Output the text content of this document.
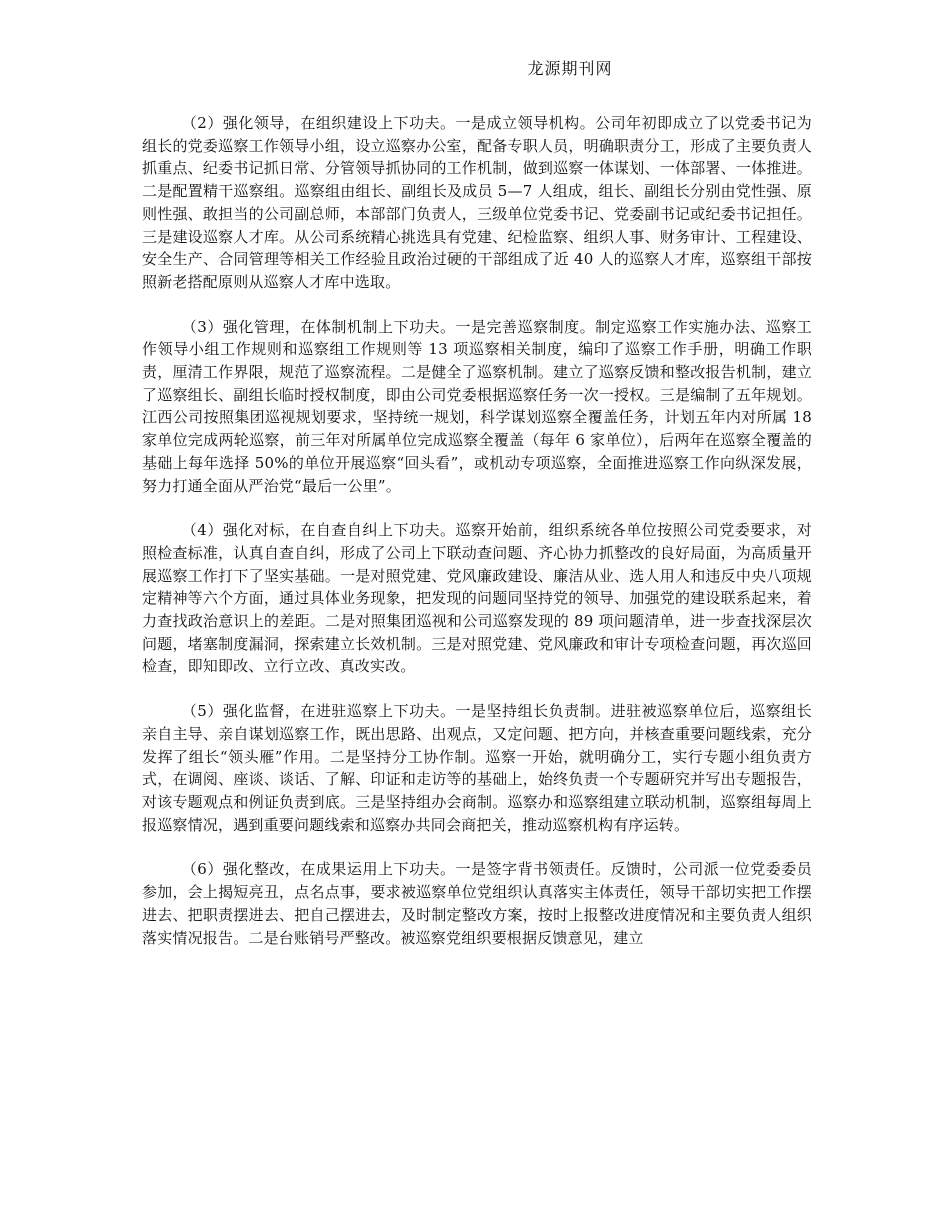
龙源期刊网

（2）强化领导，在组织建设上下功夫。一是成立领导机构。公司年初即成立了以党委书记为组长的党委巡察工作领导小组，设立巡察办公室，配备专职人员，明确职责分工，形成了主要负责人抓重点、纪委书记抓日常、分管领导抓协同的工作机制，做到巡察一体谋划、一体部署、一体推进。二是配置精干巡察组。巡察组由组长、副组长及成员 5—7 人组成，组长、副组长分别由党性强、原则性强、敢担当的公司副总师，本部部门负责人，三级单位党委书记、党委副书记或纪委书记担任。三是建设巡察人才库。从公司系统精心挑选具有党建、纪检监察、组织人事、财务审计、工程建设、安全生产、合同管理等相关工作经验且政治过硬的干部组成了近 40 人的巡察人才库，巡察组干部按照新老搭配原则从巡察人才库中选取。

（3）强化管理，在体制机制上下功夫。一是完善巡察制度。制定巡察工作实施办法、巡察工作领导小组工作规则和巡察组工作规则等 13 项巡察相关制度，编印了巡察工作手册，明确工作职责，厘清工作界限，规范了巡察流程。二是健全了巡察机制。建立了巡察反馈和整改报告机制，建立了巡察组长、副组长临时授权制度，即由公司党委根据巡察任务一次一授权。三是编制了五年规划。江西公司按照集团巡视规划要求，坚持统一规划，科学谋划巡察全覆盖任务，计划五年内对所属 18 家单位完成两轮巡察，前三年对所属单位完成巡察全覆盖（每年 6 家单位），后两年在巡察全覆盖的基础上每年选择 50%的单位开展巡察“回头看”，或机动专项巡察，全面推进巡察工作向纵深发展，努力打通全面从严治党“最后一公里”。

（4）强化对标，在自查自纠上下功夫。巡察开始前，组织系统各单位按照公司党委要求，对照检查标准，认真自查自纠，形成了公司上下联动查问题、齐心协力抓整改的良好局面，为高质量开展巡察工作打下了坚实基础。一是对照党建、党风廉政建设、廉洁从业、选人用人和违反中央八项规定精神等六个方面，通过具体业务现象，把发现的问题同坚持党的领导、加强党的建设联系起来，着力查找政治意识上的差距。二是对照集团巡视和公司巡察发现的 89 项问题清单，进一步查找深层次问题，堵塞制度漏洞，探索建立长效机制。三是对照党建、党风廉政和审计专项检查问题，再次巡回检查，即知即改、立行立改、真改实改。

（5）强化监督，在进驻巡察上下功夫。一是坚持组长负责制。进驻被巡察单位后，巡察组长亲自主导、亲自谋划巡察工作，既出思路、出观点，又定问题、把方向，并核查重要问题线索，充分发挥了组长“领头雁”作用。二是坚持分工协作制。巡察一开始，就明确分工，实行专题小组负责方式，在调阅、座谈、谈话、了解、印证和走访等的基础上，始终负责一个专题研究并写出专题报告，对该专题观点和例证负责到底。三是坚持组办会商制。巡察办和巡察组建立联动机制，巡察组每周上报巡察情况，遇到重要问题线索和巡察办共同会商把关，推动巡察机构有序运转。

（6）强化整改，在成果运用上下功夫。一是签字背书领责任。反馈时，公司派一位党委委员参加，会上揭短亮丑，点名点事，要求被巡察单位党组织认真落实主体责任，领导干部切实把工作摆进去、把职责摆进去、把自己摆进去，及时制定整改方案，按时上报整改进度情况和主要负责人组织落实情况报告。二是台账销号严整改。被巡察党组织要根据反馈意见，建立
